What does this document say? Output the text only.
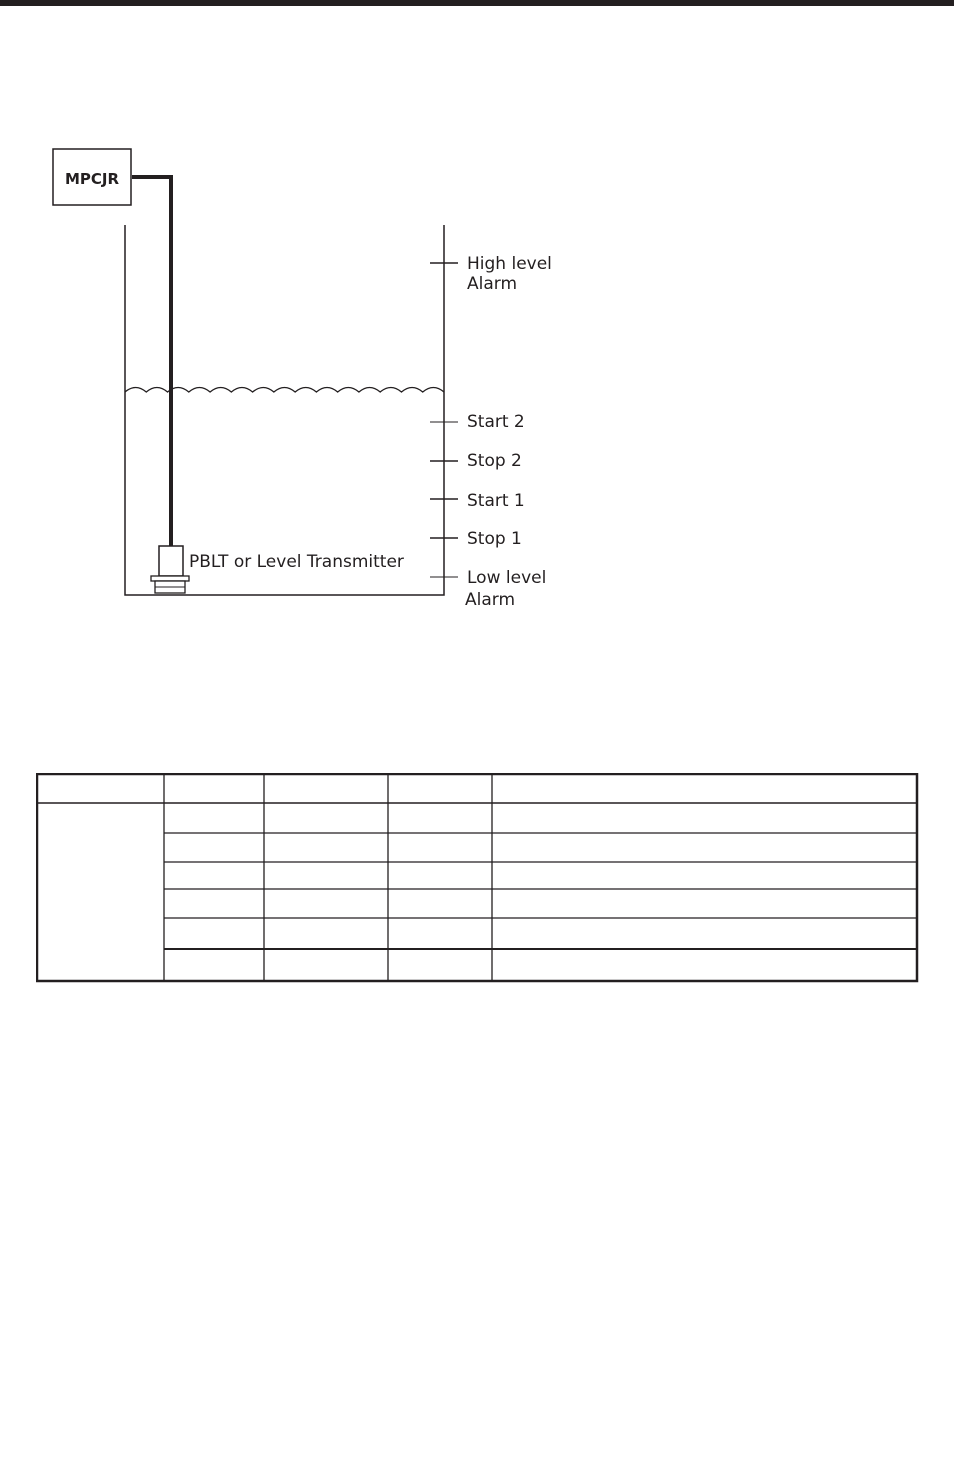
MPCJR
PBLT or Level Transmitter
High level
Alarm
Start 2
Stop 2
Start 1
Stop 1
Low level
Alarm
